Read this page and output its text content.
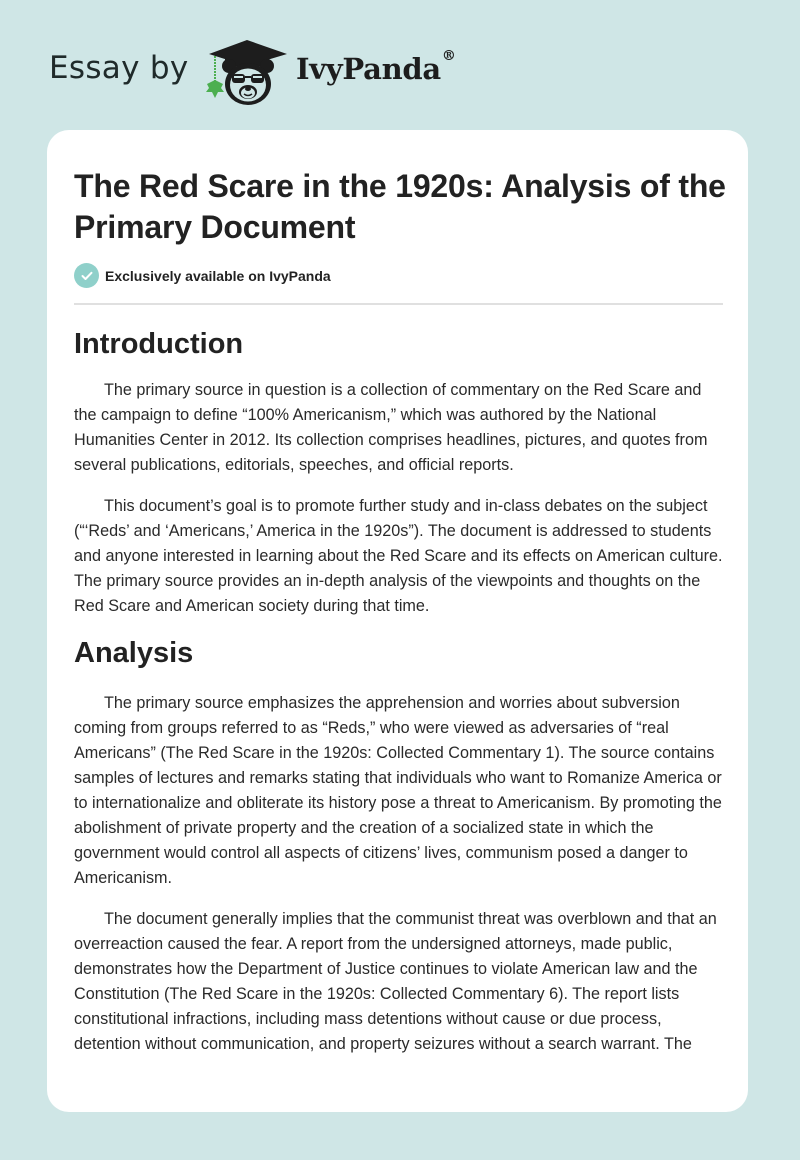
Essay by	IvyPanda®
The Red Scare in the 1920s: Analysis of the Primary Document
Exclusively available on IvyPanda
Introduction

The primary source in question is a collection of commentary on the Red Scare and the campaign to define “100% Americanism,” which was authored by the National Humanities Center in 2012. Its collection comprises headlines, pictures, and quotes from several publications, editorials, speeches, and official reports.

This document’s goal is to promote further study and in-class debates on the subject (“‘Reds’ and ‘Americans,’ America in the 1920s”). The document is addressed to students and anyone interested in learning about the Red Scare and its effects on American culture. The primary source provides an in-depth analysis of the viewpoints and thoughts on the Red Scare and American society during that time.

Analysis

The primary source emphasizes the apprehension and worries about subversion coming from groups referred to as “Reds,” who were viewed as adversaries of “real Americans” (The Red Scare in the 1920s: Collected Commentary 1). The source contains samples of lectures and remarks stating that individuals who want to Romanize America or to internationalize and obliterate its history pose a threat to Americanism. By promoting the abolishment of private property and the creation of a socialized state in which the government would control all aspects of citizens’ lives, communism posed a danger to Americanism.

The document generally implies that the communist threat was overblown and that an overreaction caused the fear. A report from the undersigned attorneys, made public, demonstrates how the Department of Justice continues to violate American law and the Constitution (The Red Scare in the 1920s: Collected Commentary 6). The report lists constitutional infractions, including mass detentions without cause or due process, detention without communication, and property seizures without a search warrant. The
